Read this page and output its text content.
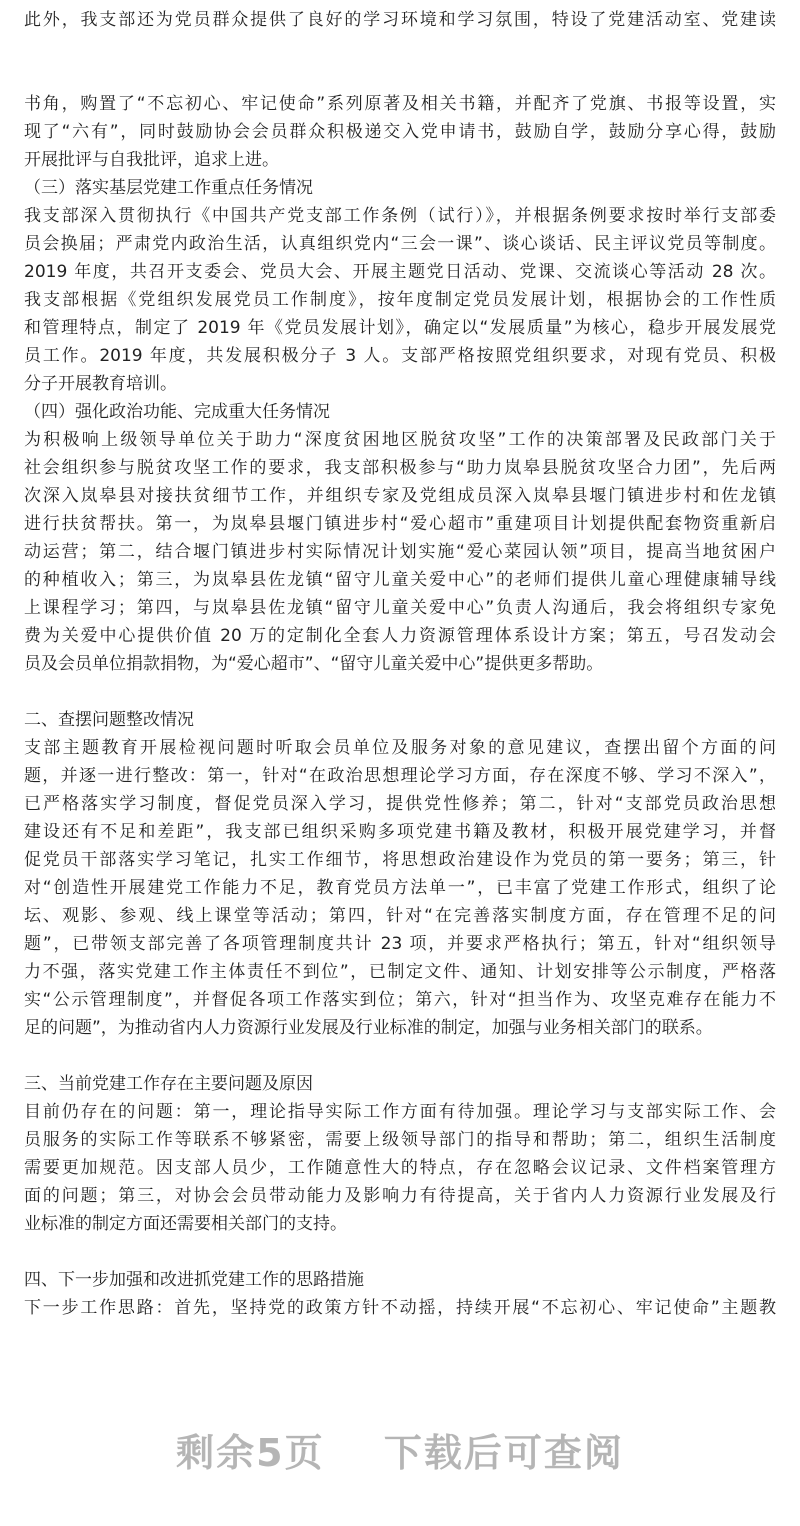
此外，我支部还为党员群众提供了良好的学习环境和学习氛围，特设了党建活动室、党建读
书角，购置了“不忘初心、牢记使命”系列原著及相关书籍，并配齐了党旗、书报等设置，实
现了“六有”，同时鼓励协会会员群众积极递交入党申请书，鼓励自学，鼓励分享心得，鼓励
开展批评与自我批评，追求上进。
（三）落实基层党建工作重点任务情况
我支部深入贯彻执行《中国共产党支部工作条例（试行）》，并根据条例要求按时举行支部委
员会换届；严肃党内政治生活，认真组织党内“三会一课”、谈心谈话、民主评议党员等制度。
2019 年度，共召开支委会、党员大会、开展主题党日活动、党课、交流谈心等活动 28 次。
我支部根据《党组织发展党员工作制度》，按年度制定党员发展计划，根据协会的工作性质
和管理特点，制定了 2019 年《党员发展计划》，确定以“发展质量”为核心，稳步开展发展党
员工作。2019 年度，共发展积极分子 3 人。支部严格按照党组织要求，对现有党员、积极
分子开展教育培训。
（四）强化政治功能、完成重大任务情况
为积极响上级领导单位关于助力“深度贫困地区脱贫攻坚”工作的决策部署及民政部门关于
社会组织参与脱贫攻坚工作的要求，我支部积极参与“助力岚皋县脱贫攻坚合力团”，先后两
次深入岚皋县对接扶贫细节工作，并组织专家及党组成员深入岚皋县堰门镇进步村和佐龙镇
进行扶贫帮扶。第一，为岚皋县堰门镇进步村“爱心超市”重建项目计划提供配套物资重新启
动运营；第二，结合堰门镇进步村实际情况计划实施“爱心菜园认领”项目，提高当地贫困户
的种植收入；第三，为岚皋县佐龙镇“留守儿童关爱中心”的老师们提供儿童心理健康辅导线
上课程学习；第四，与岚皋县佐龙镇“留守儿童关爱中心”负责人沟通后，我会将组织专家免
费为关爱中心提供价值 20 万的定制化全套人力资源管理体系设计方案；第五，号召发动会
员及会员单位捐款捐物，为“爱心超市”、“留守儿童关爱中心”提供更多帮助。
二、查摆问题整改情况
支部主题教育开展检视问题时听取会员单位及服务对象的意见建议，查摆出留个方面的问
题，并逐一进行整改：第一，针对“在政治思想理论学习方面，存在深度不够、学习不深入”，
已严格落实学习制度，督促党员深入学习，提供党性修养；第二，针对“支部党员政治思想
建设还有不足和差距”，我支部已组织采购多项党建书籍及教材，积极开展党建学习，并督
促党员干部落实学习笔记，扎实工作细节，将思想政治建设作为党员的第一要务；第三，针
对“创造性开展建党工作能力不足，教育党员方法单一”，已丰富了党建工作形式，组织了论
坛、观影、参观、线上课堂等活动；第四，针对“在完善落实制度方面，存在管理不足的问
题”，已带领支部完善了各项管理制度共计 23 项，并要求严格执行；第五，针对“组织领导
力不强，落实党建工作主体责任不到位”，已制定文件、通知、计划安排等公示制度，严格落
实“公示管理制度”，并督促各项工作落实到位；第六，针对“担当作为、攻坚克难存在能力不
足的问题”，为推动省内人力资源行业发展及行业标准的制定，加强与业务相关部门的联系。
三、当前党建工作存在主要问题及原因
目前仍存在的问题：第一，理论指导实际工作方面有待加强。理论学习与支部实际工作、会
员服务的实际工作等联系不够紧密，需要上级领导部门的指导和帮助；第二，组织生活制度
需要更加规范。因支部人员少，工作随意性大的特点，存在忽略会议记录、文件档案管理方
面的问题；第三，对协会会员带动能力及影响力有待提高，关于省内人力资源行业发展及行
业标准的制定方面还需要相关部门的支持。
四、下一步加强和改进抓党建工作的思路措施
下一步工作思路：首先，坚持党的政策方针不动摇，持续开展“不忘初心、牢记使命”主题教
剩余5页 下载后可查阅
